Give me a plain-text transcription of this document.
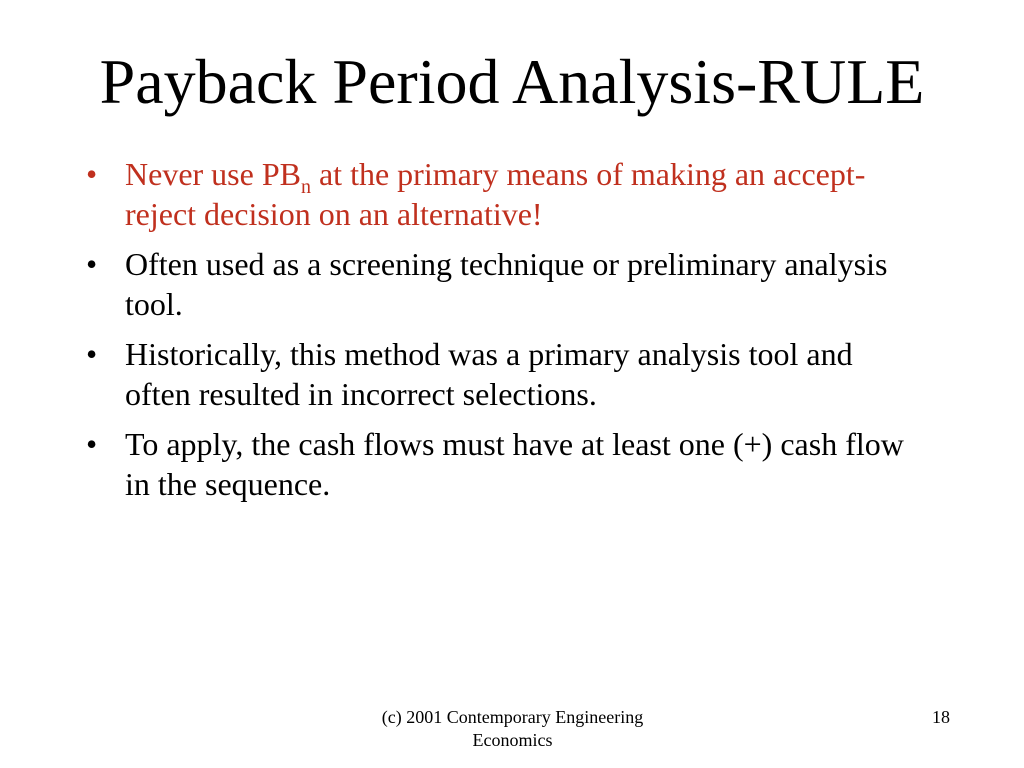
Payback Period Analysis-RULE
• Never use $PB_n$ at the primary means of making an accept-reject decision on an alternative!
• Often used as a screening technique or preliminary analysis tool.
• Historically, this method was a primary analysis tool and often resulted in incorrect selections.
• To apply, the cash flows must have at least one (+) cash flow in the sequence.
(c) 2001 Contemporary Engineering Economics
18
